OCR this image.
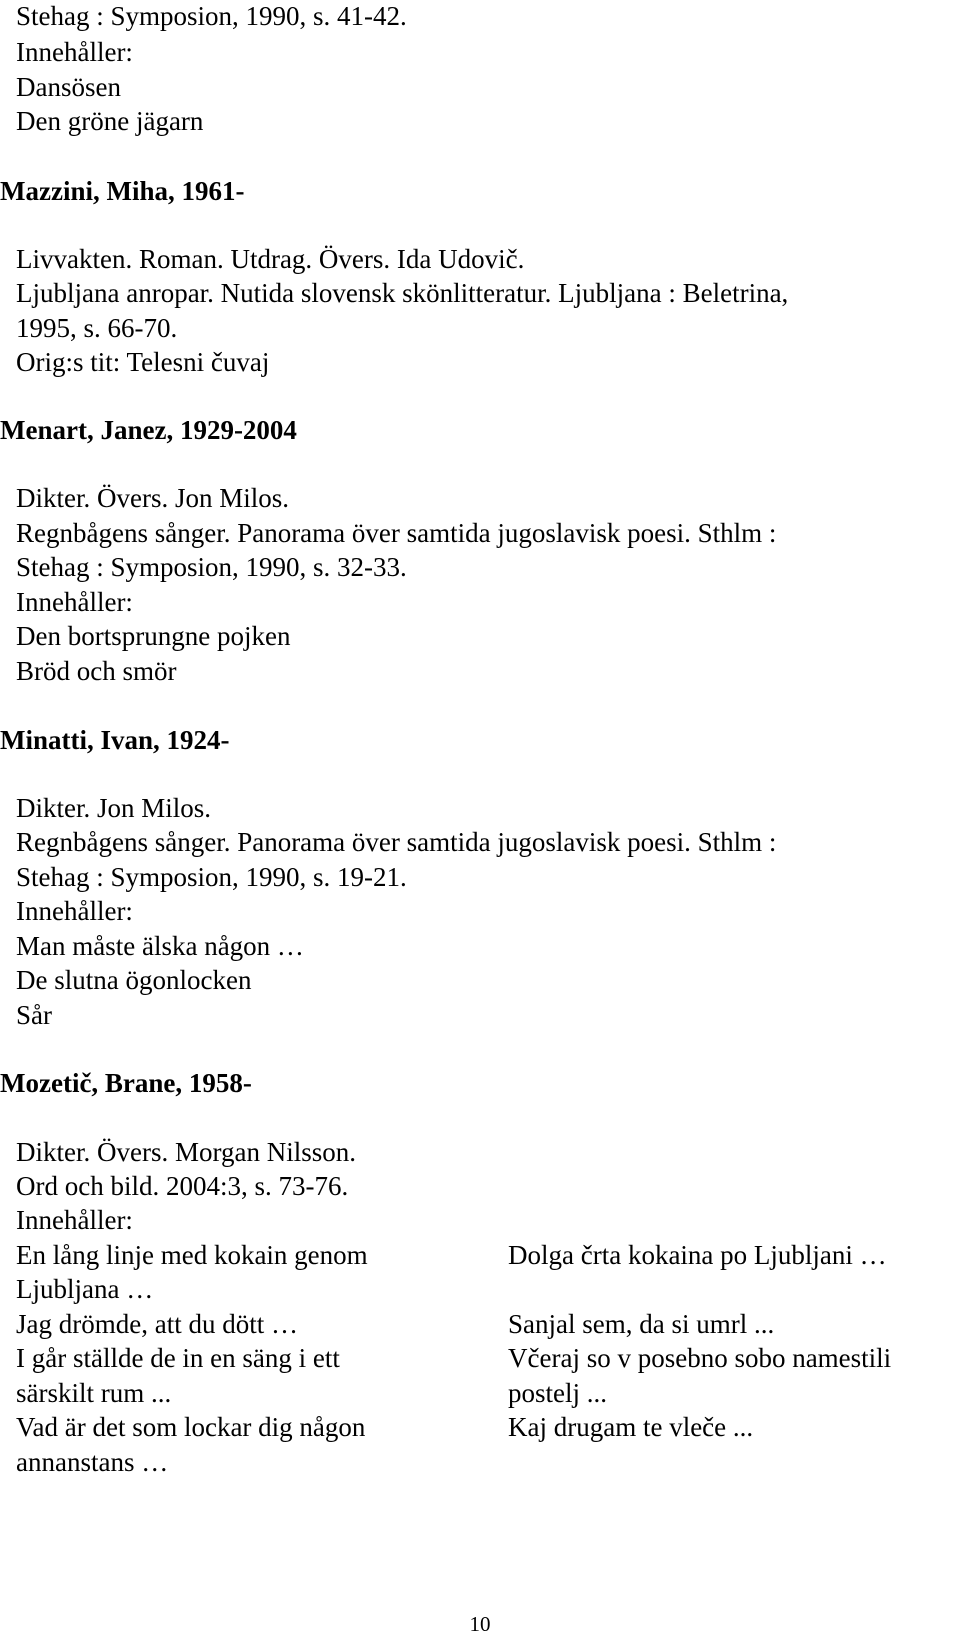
Stehag : Symposion, 1990, s. 41-42.
Innehåller:
Dansösen
Den gröne jägarn
Mazzini, Miha, 1961-
Livvakten. Roman. Utdrag. Övers. Ida Udovič.
Ljubljana anropar. Nutida slovensk skönlitteratur. Ljubljana : Beletrina,
1995, s. 66-70.
Orig:s tit: Telesni čuvaj
Menart, Janez, 1929-2004
Dikter. Övers. Jon Milos.
Regnbågens sånger. Panorama över samtida jugoslavisk poesi. Sthlm :
Stehag : Symposion, 1990, s. 32-33.
Innehåller:
Den bortsprungne pojken
Bröd och smör
Minatti, Ivan, 1924-
Dikter. Jon Milos.
Regnbågens sånger. Panorama över samtida jugoslavisk poesi. Sthlm :
Stehag : Symposion, 1990, s. 19-21.
Innehåller:
Man måste älska någon …
De slutna ögonlocken
Sår
Mozetič, Brane, 1958-
Dikter. Övers. Morgan Nilsson.
Ord och bild. 2004:3, s. 73-76.
Innehåller:
En lång linje med kokain genom
Ljubljana …
Jag drömde, att du dött …
I går ställde de in en säng i ett
särskilt rum ...
Vad är det som lockar dig någon
annanstans …
Dolga črta kokaina po Ljubljani …
Sanjal sem, da si umrl ...
Včeraj so v posebno sobo namestili
postelj ...
Kaj drugam te vleče ...
10
